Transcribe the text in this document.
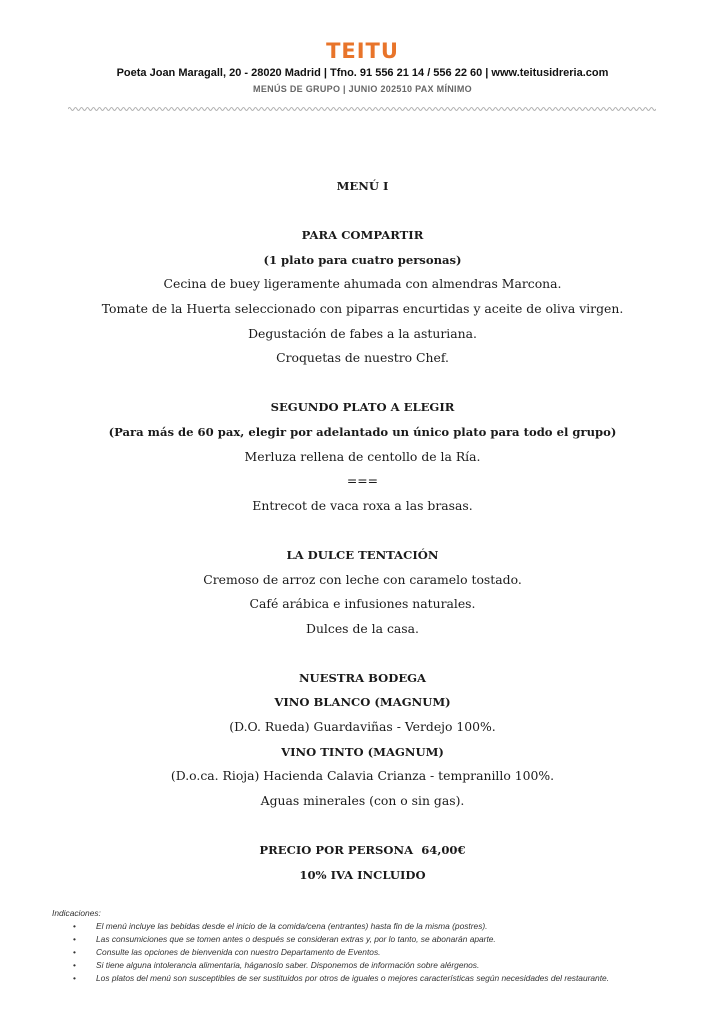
TEITU
Poeta Joan Maragall, 20 - 28020 Madrid | Tfno. 91 556 21 14 / 556 22 60 | www.teitusidreria.com
MENÚS DE GRUPO | JUNIO 202510 PAX MÍNIMO
MENÚ I
PARA COMPARTIR
(1 plato para cuatro personas)
Cecina de buey ligeramente ahumada con almendras Marcona.
Tomate de la Huerta seleccionado con piparras encurtidas y aceite de oliva virgen.
Degustación de fabes a la asturiana.
Croquetas de nuestro Chef.
SEGUNDO PLATO A ELEGIR
(Para más de 60 pax, elegir por adelantado un único plato para todo el grupo)
Merluza rellena de centollo de la Ría.
===
Entrecot de vaca roxa a las brasas.
LA DULCE TENTACIÓN
Cremoso de arroz con leche con caramelo tostado.
Café arábica e infusiones naturales.
Dulces de la casa.
NUESTRA BODEGA
VINO BLANCO (MAGNUM)
(D.O. Rueda) Guardaviñas - Verdejo 100%.
VINO TINTO (MAGNUM)
(D.o.ca. Rioja) Hacienda Calavia Crianza - tempranillo 100%.
Aguas minerales (con o sin gas).
PRECIO POR PERSONA  64,00€
10% IVA INCLUIDO
Indicaciones:
• El menú incluye las bebidas desde el inicio de la comida/cena (entrantes) hasta fin de la misma (postres).
• Las consumiciones que se tomen antes o después se consideran extras y, por lo tanto, se abonarán aparte.
• Consulte las opciones de bienvenida con nuestro Departamento de Eventos.
• Si tiene alguna intolerancia alimentaria, háganoslo saber. Disponemos de información sobre alérgenos.
• Los platos del menú son susceptibles de ser sustituidos por otros de iguales o mejores características según necesidades del restaurante.
